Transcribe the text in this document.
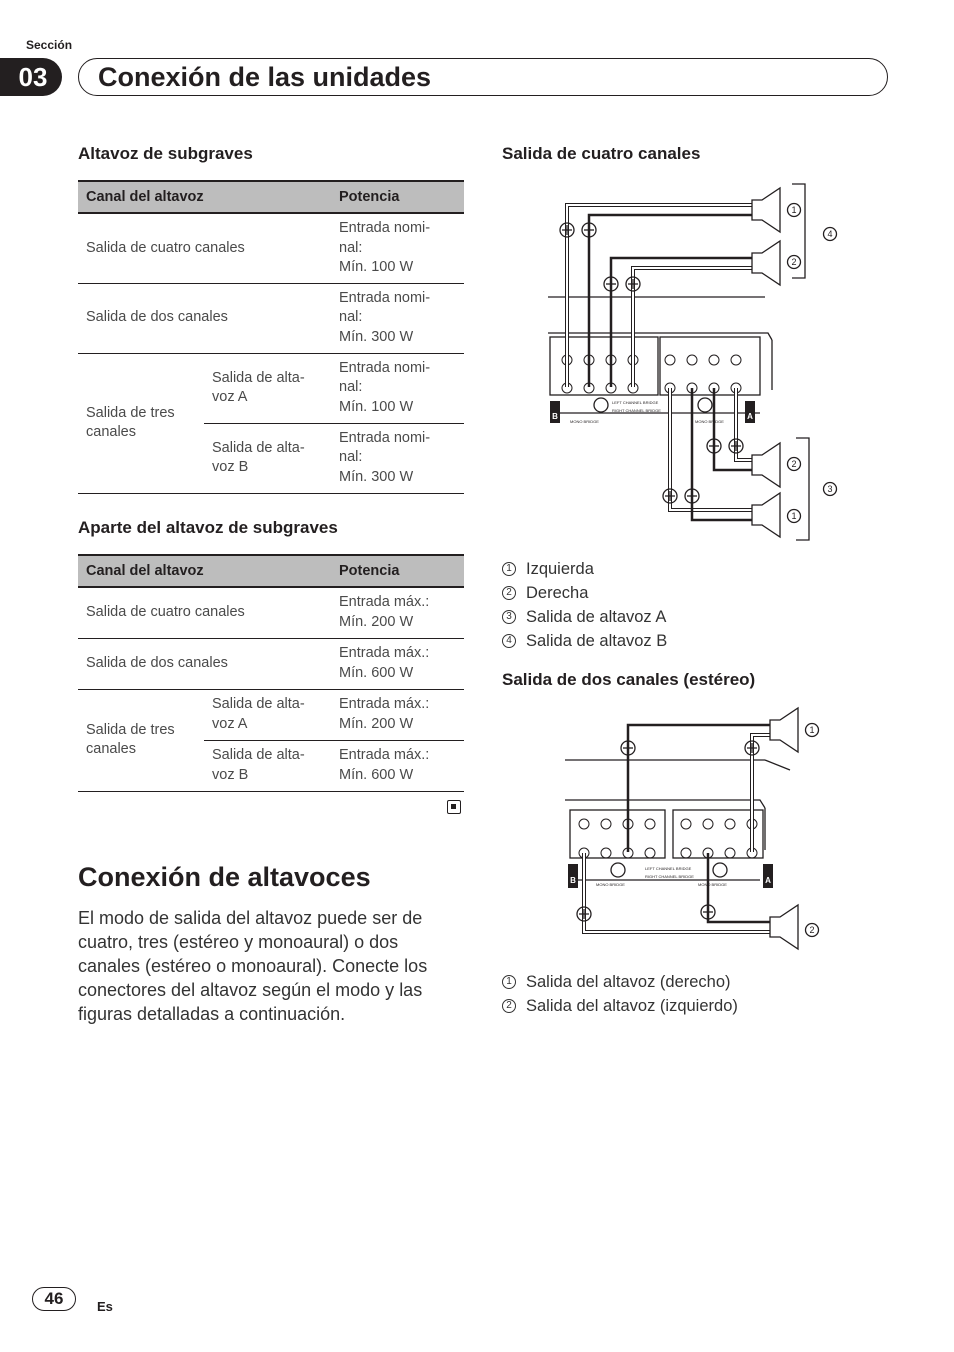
Sección
03	Conexión de las unidades
Altavoz de subgraves
Canal del altavoz		Potencia
Salida de cuatro canales		Entrada nomi-
nal:
Mín. 100 W

Salida de dos canales		Entrada nomi-
nal:
Mín. 300 W

Salida de tres canales	Salida de alta-voz A	Entrada nomi-
nal:
Mín. 100 W

	Salida de alta-voz B	Entrada nomi-
nal:
Mín. 300 W
Aparte del altavoz de subgraves
Canal del altavoz		Potencia
Salida de cuatro canales		Entrada máx.:
Mín. 200 W

Salida de dos canales		Entrada máx.:
Mín. 600 W

Salida de tres canales	Salida de alta-voz A	Entrada máx.:
Mín. 200 W

	Salida de alta-voz B	Entrada máx.:
Mín. 600 W
Conexión de altavoces
El modo de salida del altavoz puede ser de cuatro, tres (estéreo y monoaural) o dos canales (estéreo o monoaural). Conecte los conectores del altavoz según el modo y las figuras detalladas a continuación.
Salida de cuatro canales
1
2
4
2
1
3
B	A
LEFT CHANNEL BRIDGE
RIGHT CHANNEL BRIDGE
MONO BRIDGE	MONO BRIDGE
1 Izquierda
2 Derecha
3 Salida de altavoz A
4 Salida de altavoz B
Salida de dos canales (estéreo)
1
2
B	A
LEFT CHANNEL BRIDGE
RIGHT CHANNEL BRIDGE
MONO BRIDGE	MONO BRIDGE
1 Salida del altavoz (derecho)
2 Salida del altavoz (izquierdo)
46	Es
